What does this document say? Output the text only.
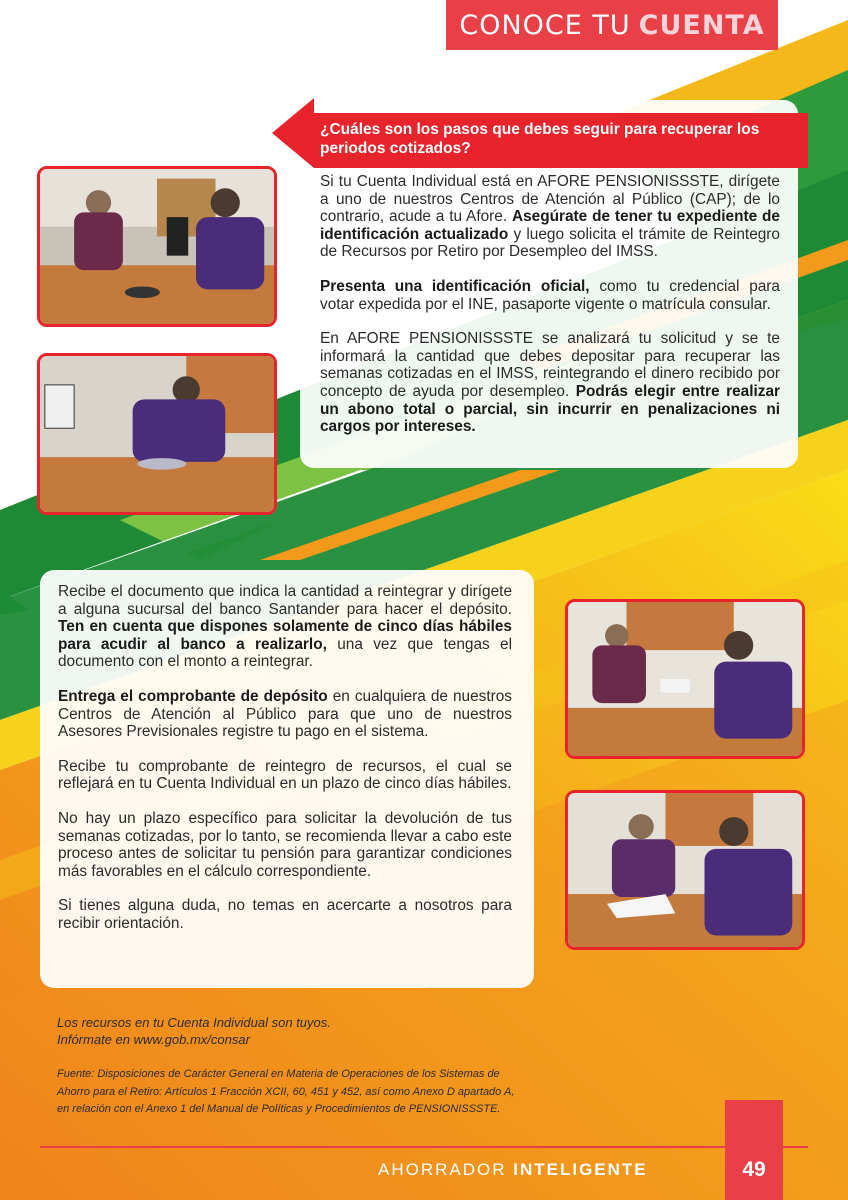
CONOCE TU CUENTA
¿Cuáles son los pasos que debes seguir para recuperar los periodos cotizados?

Si tu Cuenta Individual está en AFORE PENSIONISSSTE, dirígete a uno de nuestros Centros de Atención al Público (CAP); de lo contrario, acude a tu Afore. Asegúrate de tener tu expediente de identificación actualizado y luego solicita el trámite de Reintegro de Recursos por Retiro por Desempleo del IMSS.

Presenta una identificación oficial, como tu credencial para votar expedida por el INE, pasaporte vigente o matrícula consular.

En AFORE PENSIONISSSTE se analizará tu solicitud y se te informará la cantidad que debes depositar para recuperar las semanas cotizadas en el IMSS, reintegrando el dinero recibido por concepto de ayuda por desempleo. Podrás elegir entre realizar un abono total o parcial, sin incurrir en penalizaciones ni cargos por intereses.

Recibe el documento que indica la cantidad a reintegrar y dirígete a alguna sucursal del banco Santander para hacer el depósito. Ten en cuenta que dispones solamente de cinco días hábiles para acudir al banco a realizarlo, una vez que tengas el documento con el monto a reintegrar.

Entrega el comprobante de depósito en cualquiera de nuestros Centros de Atención al Público para que uno de nuestros Asesores Previsionales registre tu pago en el sistema.

Recibe tu comprobante de reintegro de recursos, el cual se reflejará en tu Cuenta Individual en un plazo de cinco días hábiles.

No hay un plazo específico para solicitar la devolución de tus semanas cotizadas, por lo tanto, se recomienda llevar a cabo este proceso antes de solicitar tu pensión para garantizar condiciones más favorables en el cálculo correspondiente.

Si tienes alguna duda, no temas en acercarte a nosotros para recibir orientación.

Los recursos en tu Cuenta Individual son tuyos.
Infórmate en www.gob.mx/consar
Fuente: Disposiciones de Carácter General en Materia de Operaciones de los Sistemas de Ahorro para el Retiro: Artículos 1 Fracción XCII, 60, 451 y 452, así como Anexo D apartado A, en relación con el Anexo 1 del Manual de Políticas y Procedimientos de PENSIONISSSTE.
AHORRADOR INTELIGENTE	49
